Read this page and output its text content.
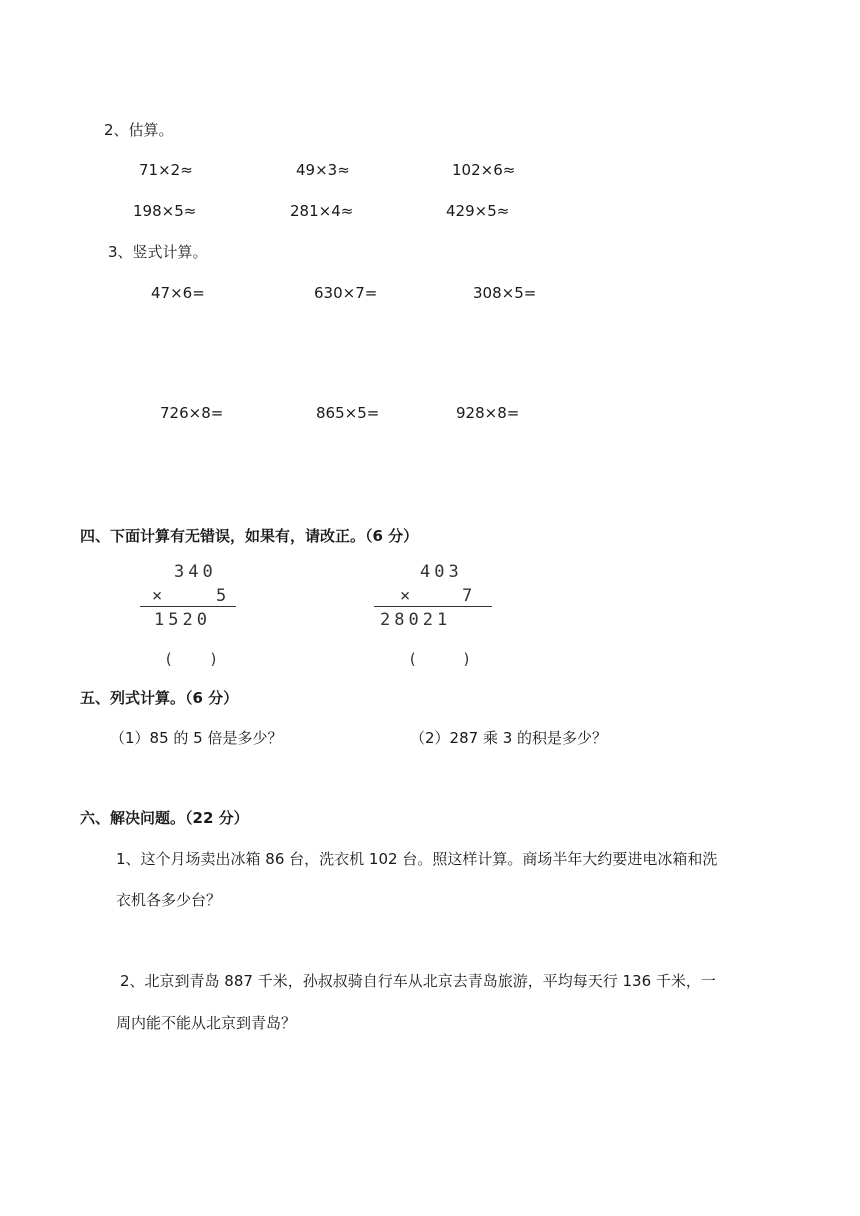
2、估算。
71×2≈	49×3≈	102×6≈
198×5≈	281×4≈	429×5≈
3、竖式计算。
47×6=	630×7=	308×5=
726×8=	865×5=	928×8=
四、下面计算有无错误，如果有，请改正。（6 分）
340
×	5
1520
(    )
403
×	7
28021
(     )
五、列式计算。（6 分）
（1）85 的 5 倍是多少？	（2）287 乘 3 的积是多少？
六、解决问题。（22 分）
1、这个月场卖出冰箱 86 台，洗衣机 102 台。照这样计算。商场半年大约要进电冰箱和洗
衣机各多少台？
2、北京到青岛 887 千米，孙叔叔骑自行车从北京去青岛旅游，平均每天行 136 千米，一
周内能不能从北京到青岛？
